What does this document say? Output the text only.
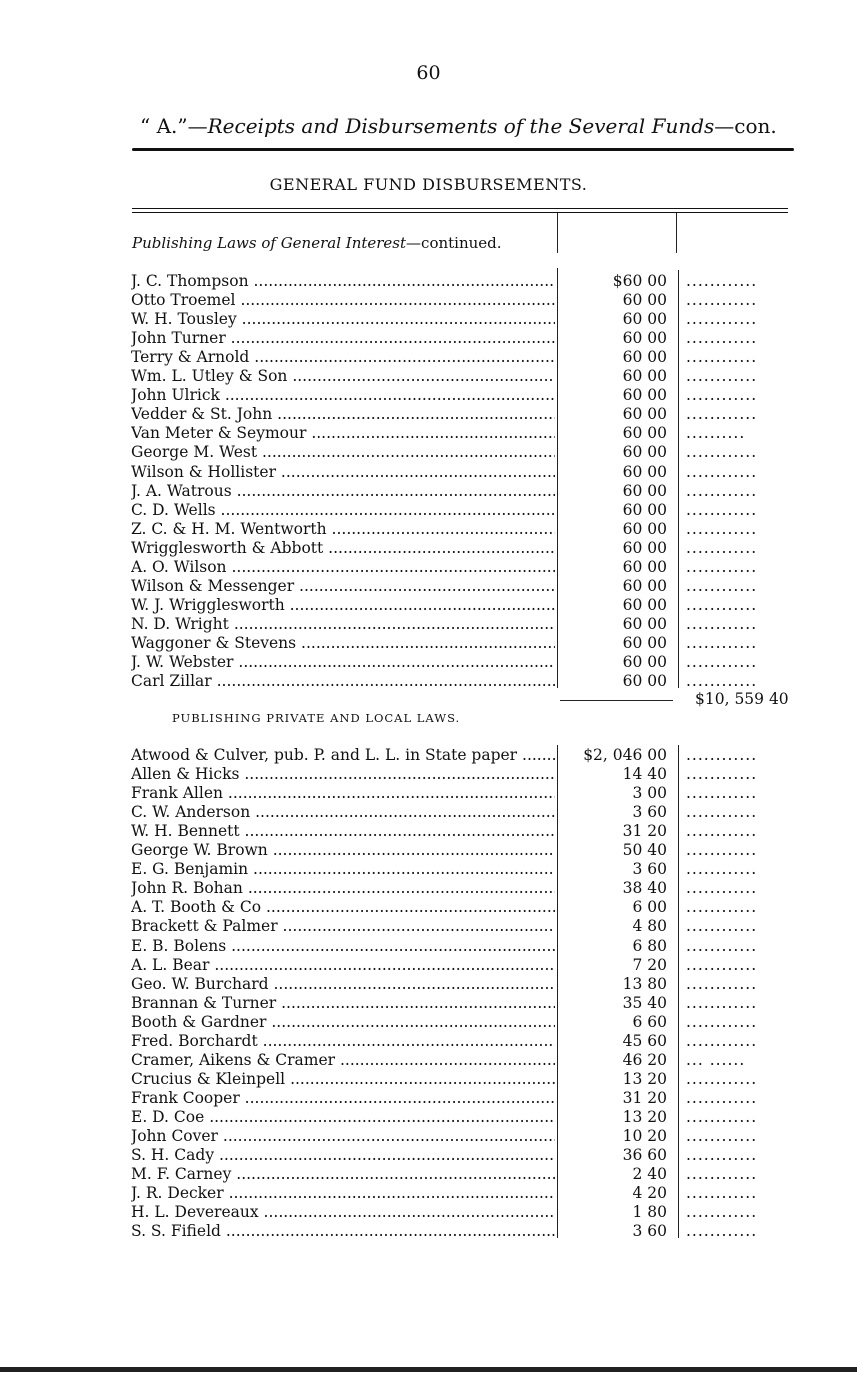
60
“ A.”—Receipts and Disbursements of the Several Funds—con.
GENERAL FUND DISBURSEMENTS.
Publishing Laws of General Interest—continued.
J. C. Thompson .....	$60 00 ............
Otto Troemel .....	60 00 ............
W. H. Tousley .....	60 00 ............
John Turner .....	60 00 ............
Terry & Arnold .....	60 00 ............
Wm. L. Utley & Son .....	60 00 ............
John Ulrick .....	60 00 ............
Vedder & St. John .....	60 00 ............
Van Meter & Seymour .....	60 00 ..........
George M. West .....	60 00 ............
Wilson & Hollister .....	60 00 ............
J. A. Watrous .....	60 00 ............
C. D. Wells .....	60 00 ............
Z. C. & H. M. Wentworth .....	60 00 ............
Wrigglesworth & Abbott .....	60 00 ............
A. O. Wilson .....	60 00 ............
Wilson & Messenger .....	60 00 ............
W. J. Wrigglesworth .....	60 00 ............
N. D. Wright .....	60 00 ............
Waggoner & Stevens .....	60 00 ............
J. W. Webster .....	60 00 ............
Carl Zillar .....	60 00 ............
$10, 559 40
PUBLISHING PRIVATE AND LOCAL LAWS.
Atwood & Culver, pub. P. and L. L. in State paper .....	$2, 046 00 ............
Allen & Hicks .....	14 40 ............
Frank Allen .....	3 00 ............
C. W. Anderson .....	3 60 ............
W. H. Bennett .....	31 20 ............
George W. Brown .....	50 40 ............
E. G. Benjamin .....	3 60 ............
John R. Bohan .....	38 40 ............
A. T. Booth & Co .....	6 00 ............
Brackett & Palmer .....	4 80 ............
E. B. Bolens .....	6 80 ............
A. L. Bear .....	7 20 ............
Geo. W. Burchard .....	13 80 ............
Brannan & Turner .....	35 40 ............
Booth & Gardner .....	6 60 ............
Fred. Borchardt .....	45 60 ............
Cramer, Aikens & Cramer .....	46 20 ... ......
Crucius & Kleinpell .....	13 20 ............
Frank Cooper .....	31 20 ............
E. D. Coe .....	13 20 ............
John Cover .....	10 20 ............
S. H. Cady .....	36 60 ............
M. F. Carney .....	2 40 ............
J. R. Decker .....	4 20 ............
H. L. Devereaux .....	1 80 ............
S. S. Fifield .....	3 60 ............
